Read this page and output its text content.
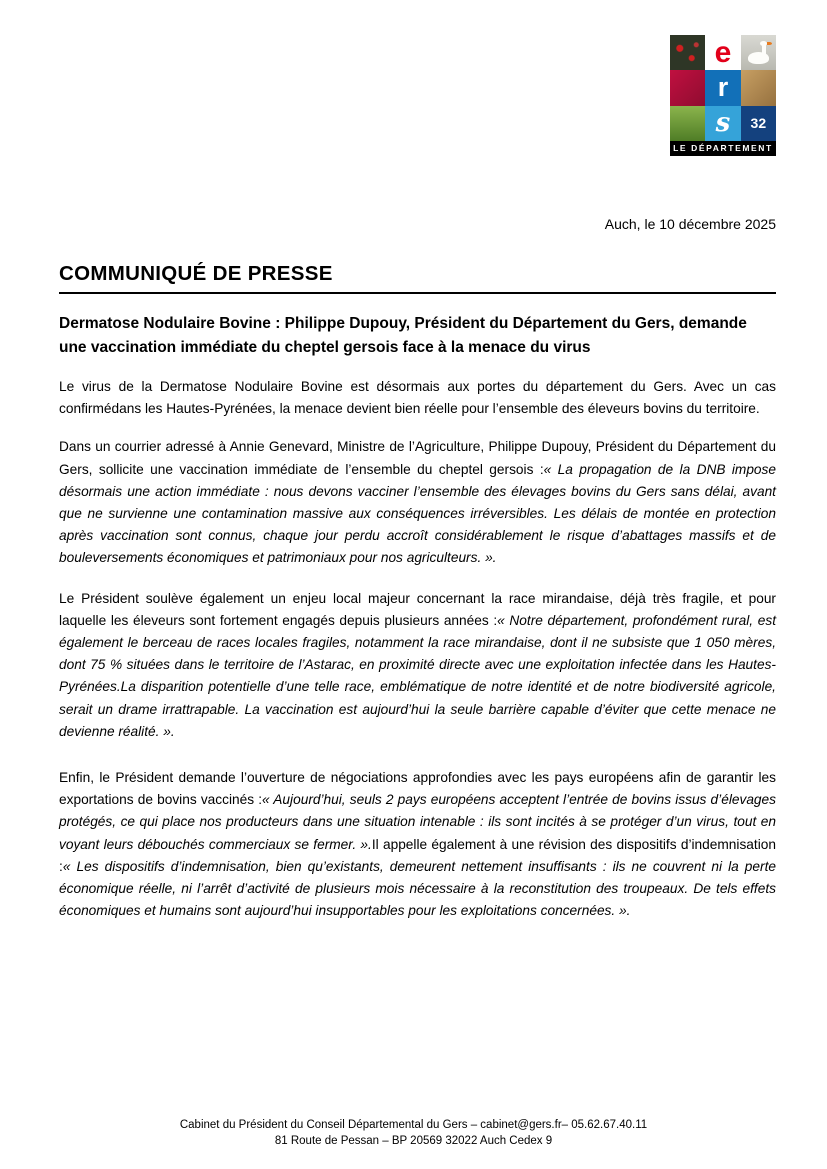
e
r
s 32
LE DÉPARTEMENT
Auch, le 10 décembre 2025
COMMUNIQUÉ DE PRESSE
Dermatose Nodulaire Bovine : Philippe Dupouy, Président du Département du Gers, demande une vaccination immédiate du cheptel gersois face à la menace du virus

Le virus de la Dermatose Nodulaire Bovine est désormais aux portes du département du Gers. Avec un cas confirmédans les Hautes-Pyrénées, la menace devient bien réelle pour l’ensemble des éleveurs bovins du territoire.

Dans un courrier adressé à Annie Genevard, Ministre de l’Agriculture, Philippe Dupouy, Président du Département du Gers, sollicite une vaccination immédiate de l’ensemble du cheptel gersois :« La propagation de la DNB impose désormais une action immédiate : nous devons vacciner l’ensemble des élevages bovins du Gers sans délai, avant que ne survienne une contamination massive aux conséquences irréversibles. Les délais de montée en protection après vaccination sont connus, chaque jour perdu accroît considérablement le risque d’abattages massifs et de bouleversements économiques et patrimoniaux pour nos agriculteurs. ».

Le Président soulève également un enjeu local majeur concernant la race mirandaise, déjà très fragile, et pour laquelle les éleveurs sont fortement engagés depuis plusieurs années :« Notre département, profondément rural, est également le berceau de races locales fragiles, notamment la race mirandaise, dont il ne subsiste que 1 050 mères, dont 75 % situées dans le territoire de l’Astarac, en proximité directe avec une exploitation infectée dans les Hautes-Pyrénées.La disparition potentielle d’une telle race, emblématique de notre identité et de notre biodiversité agricole, serait un drame irrattrapable. La vaccination est aujourd’hui la seule barrière capable d’éviter que cette menace ne devienne réalité. ».

Enfin, le Président demande l’ouverture de négociations approfondies avec les pays européens afin de garantir les exportations de bovins vaccinés :« Aujourd’hui, seuls 2 pays européens acceptent l’entrée de bovins issus d’élevages protégés, ce qui place nos producteurs dans une situation intenable : ils sont incités à se protéger d’un virus, tout en voyant leurs débouchés commerciaux se fermer. ».Il appelle également à une révision des dispositifs d’indemnisation :« Les dispositifs d’indemnisation, bien qu’existants, demeurent nettement insuffisants : ils ne couvrent ni la perte économique réelle, ni l’arrêt d’activité de plusieurs mois nécessaire à la reconstitution des troupeaux. De tels effets économiques et humains sont aujourd’hui insupportables pour les exploitations concernées. ».

Cabinet du Président du Conseil Départemental du Gers – cabinet@gers.fr– 05.62.67.40.11
81 Route de Pessan – BP 20569 32022 Auch Cedex 9
